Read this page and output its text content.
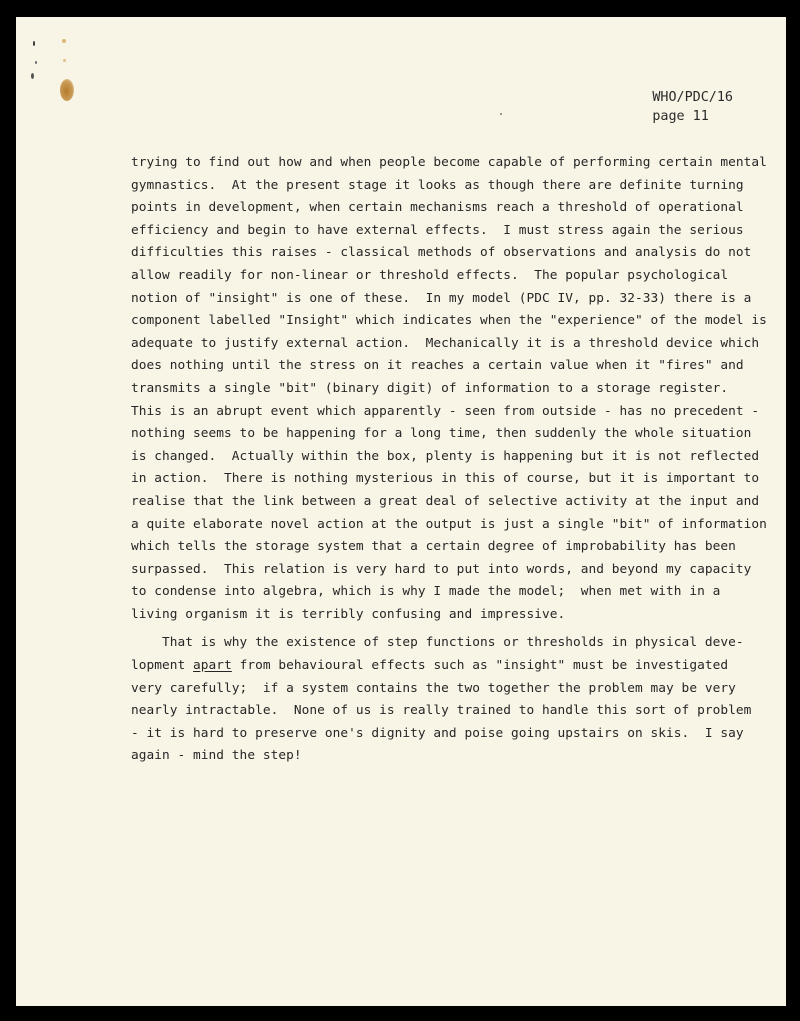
WHO/PDC/16
page 11
trying to find out how and when people become capable of performing certain mental
gymnastics.  At the present stage it looks as though there are definite turning
points in development, when certain mechanisms reach a threshold of operational
efficiency and begin to have external effects.  I must stress again the serious
difficulties this raises - classical methods of observations and analysis do not
allow readily for non-linear or threshold effects.  The popular psychological
notion of "insight" is one of these.  In my model (PDC IV, pp. 32-33) there is a
component labelled "Insight" which indicates when the "experience" of the model is
adequate to justify external action.  Mechanically it is a threshold device which
does nothing until the stress on it reaches a certain value when it "fires" and
transmits a single "bit" (binary digit) of information to a storage register.
This is an abrupt event which apparently - seen from outside - has no precedent -
nothing seems to be happening for a long time, then suddenly the whole situation
is changed.  Actually within the box, plenty is happening but it is not reflected
in action.  There is nothing mysterious in this of course, but it is important to
realise that the link between a great deal of selective activity at the input and
a quite elaborate novel action at the output is just a single "bit" of information
which tells the storage system that a certain degree of improbability has been
surpassed.  This relation is very hard to put into words, and beyond my capacity
to condense into algebra, which is why I made the model;  when met with in a
living organism it is terribly confusing and impressive.
That is why the existence of step functions or thresholds in physical deve-
lopment apart from behavioural effects such as "insight" must be investigated
very carefully;  if a system contains the two together the problem may be very
nearly intractable.  None of us is really trained to handle this sort of problem
- it is hard to preserve one's dignity and poise going upstairs on skis.  I say
again - mind the step!
